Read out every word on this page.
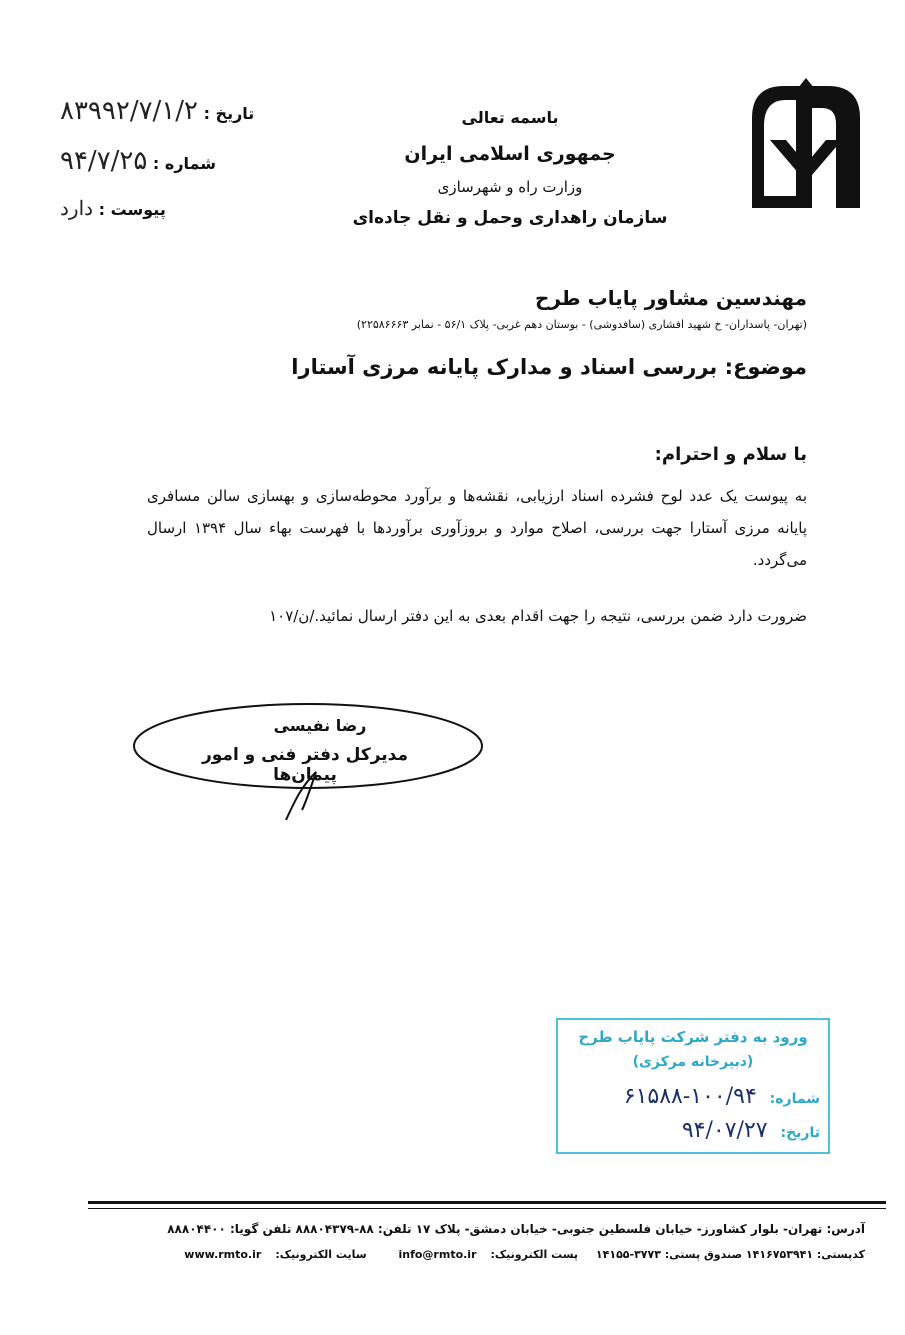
باسمه تعالی
جمهوری اسلامی ایران
وزارت راه و شهرسازی
سازمان راهداری وحمل و نقل جاده‌ای
تاریخ : ۸۳۹۹۲/۷/۱/۲
شماره : ۹۴/۷/۲۵
پیوست : دارد
مهندسین مشاور پایاب طرح
(تهران- پاسداران- خ شهید افشاری (سافدوشی) - بوستان دهم غربی- پلاک ۵۶/۱ - نمابر ۲۲۵۸۶۶۶۳)
موضوع: بررسی اسناد و مدارک پایانه مرزی آستارا
با سلام و احترام:
به پیوست یک عدد لوح فشرده اسناد ارزیابی، نقشه‌ها و برآورد محوطه‌سازی و بهسازی سالن مسافری پایانه مرزی آستارا جهت بررسی، اصلاح موارد و بروزآوری برآوردها با فهرست بهاء سال ۱۳۹۴ ارسال می‌گردد.
ضرورت دارد ضمن بررسی، نتیجه را جهت اقدام بعدی به این دفتر ارسال نمائید./ن/۱۰۷
رضا نفیسی
مدیرکل دفتر فنی و امور پیمان‌ها
ورود به دفتر شرکت پایاب طرح
(دبیرخانه مرکزی)
شماره: ۱۰۰/۹۴-۶۱۵۸۸
تاریخ: ۹۴/۰۷/۲۷
آدرس: تهران- بلوار کشاورز- خیابان فلسطین جنوبی- خیابان دمشق- پلاک ۱۷ تلفن: ۸۸-۸۸۸۰۴۳۷۹ تلفن گویا: ۸۸۸۰۴۴۰۰
کدپستی: ۱۴۱۶۷۵۳۹۴۱ صندوق پستی: ۳۷۷۳-۱۴۱۵۵ پست الکترونیک:info@rmto.ir سایت الکترونیک:www.rmto.ir
